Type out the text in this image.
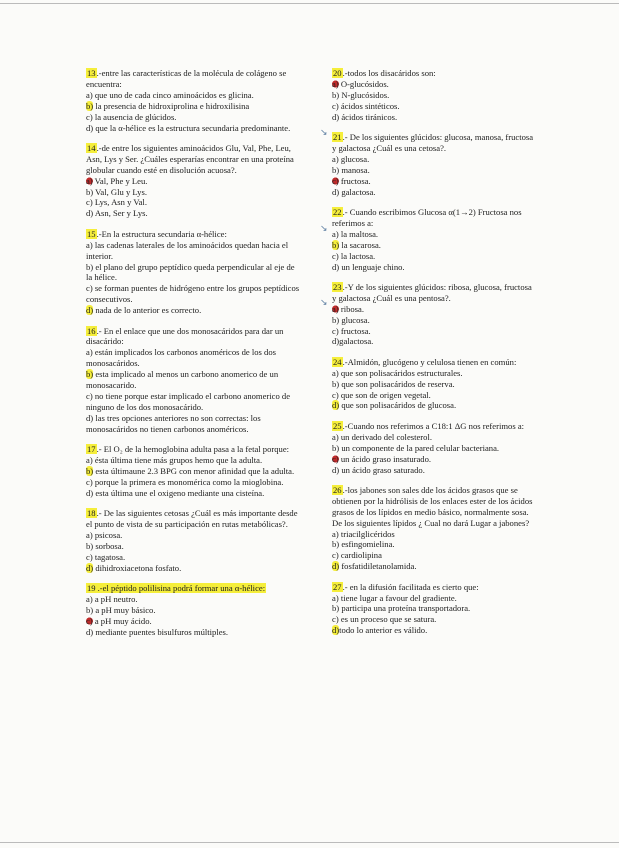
↘
↘
↘

13.-entre las características de la molécula de colágeno se encuentra:

a) que uno de cada cinco aminoácidos es glicina.

b) la presencia de hidroxiprolina e hidroxilisina

c) la ausencia de glúcidos.

d) que la α-hélice es la estructura secundaria predominante.

14.-de entre los siguientes aminoácidos Glu, Val, Phe, Leu, Asn, Lys y Ser. ¿Cuáles esperarías encontrar en una proteína globular cuando esté en disolución acuosa?.

a) Val, Phe y Leu.

b) Val, Glu y Lys.

c) Lys, Asn y Val.

d) Asn, Ser y Lys.

15.-En la estructura secundaria α-hélice:

a) las cadenas laterales de los aminoácidos quedan hacia el interior.

b) el plano del grupo peptídico queda perpendicular al eje de la hélice.

c) se forman puentes de hidrógeno entre los grupos peptídicos consecutivos.

d) nada de lo anterior es correcto.

16.- En el enlace que une dos monosacáridos para dar un disacárido:

a) están implicados los carbonos anoméricos de los dos monosacáridos.

b) esta implicado al menos un carbono anomerico de un monosacarido.

c) no tiene porque estar implicado el carbono anomerico de ninguno de los dos monosacárido.

d) las tres opciones anteriores no son correctas: los monosacáridos no tienen carbonos anoméricos.

17.- El O₂ de la hemoglobina adulta pasa a la fetal porque:

a) ésta última tiene más grupos hemo que la adulta.

b) esta últimaune 2.3 BPG con menor afinidad que la adulta.

c) porque la primera es monomérica como la mioglobina.

d) esta última une el oxigeno mediante una cisteína.

18.- De las siguientes cetosas ¿Cuál es más importante desde el punto de vista de su participación en rutas metabólicas?.

a) psicosa.

b) sorbosa.

c) tagatosa.

d) dihidroxiacetona fosfato.

19 .-el péptido polilisina podrá formar una α-hélice:

a) a pH neutro.

b) a pH muy básico.

c) a pH muy ácido.

d) mediante puentes bisulfuros múltiples.

20.-todos los disacáridos son:

a) O-glucósidos.

b) N-glucósidos.

c) ácidos sintéticos.

d) ácidos tiránicos.

21.- De los siguientes glúcidos: glucosa, manosa, fructosa y galactosa ¿Cuál es una cetosa?.

a) glucosa.

b) manosa.

c) fructosa.

d) galactosa.

22.- Cuando escribimos Glucosa α(1→2) Fructosa nos referimos a:

a) la maltosa.

b) la sacarosa.

c) la lactosa.

d) un lenguaje chino.

23.-Y de los siguientes glúcidos: ribosa, glucosa, fructosa y galactosa ¿Cuál es una pentosa?.

a) ribosa.

b) glucosa.

c) fructosa.

d)galactosa.

24.-Almidón, glucógeno y celulosa tienen en común:

a) que son polisacáridos estructurales.

b) que son polisacáridos de reserva.

c) que son de origen vegetal.

d) que son polisacáridos de glucosa.

25.-Cuando nos referimos a C18:1 ΔG nos referimos a:

a) un derivado del colesterol.

b) un componente de la pared celular bacteriana.

c) un ácido graso insaturado.

d) un ácido graso saturado.

26.-los jabones son sales dde los ácidos grasos que se obtienen por la hidrólisis de los enlaces ester de los ácidos grasos de los lípidos en medio básico, normalmente sosa. De los siguientes lípidos ¿ Cual no dará Lugar a jabones?

a) triacilglicéridos

b) esfingomielina.

c) cardiolipina

d) fosfatidiletanolamida.

27.- en la difusión facilitada es cierto que:

a) tiene lugar a favour del gradiente.

b) participa una proteína transportadora.

c) es un proceso que se satura.

d)todo lo anterior es válido.
